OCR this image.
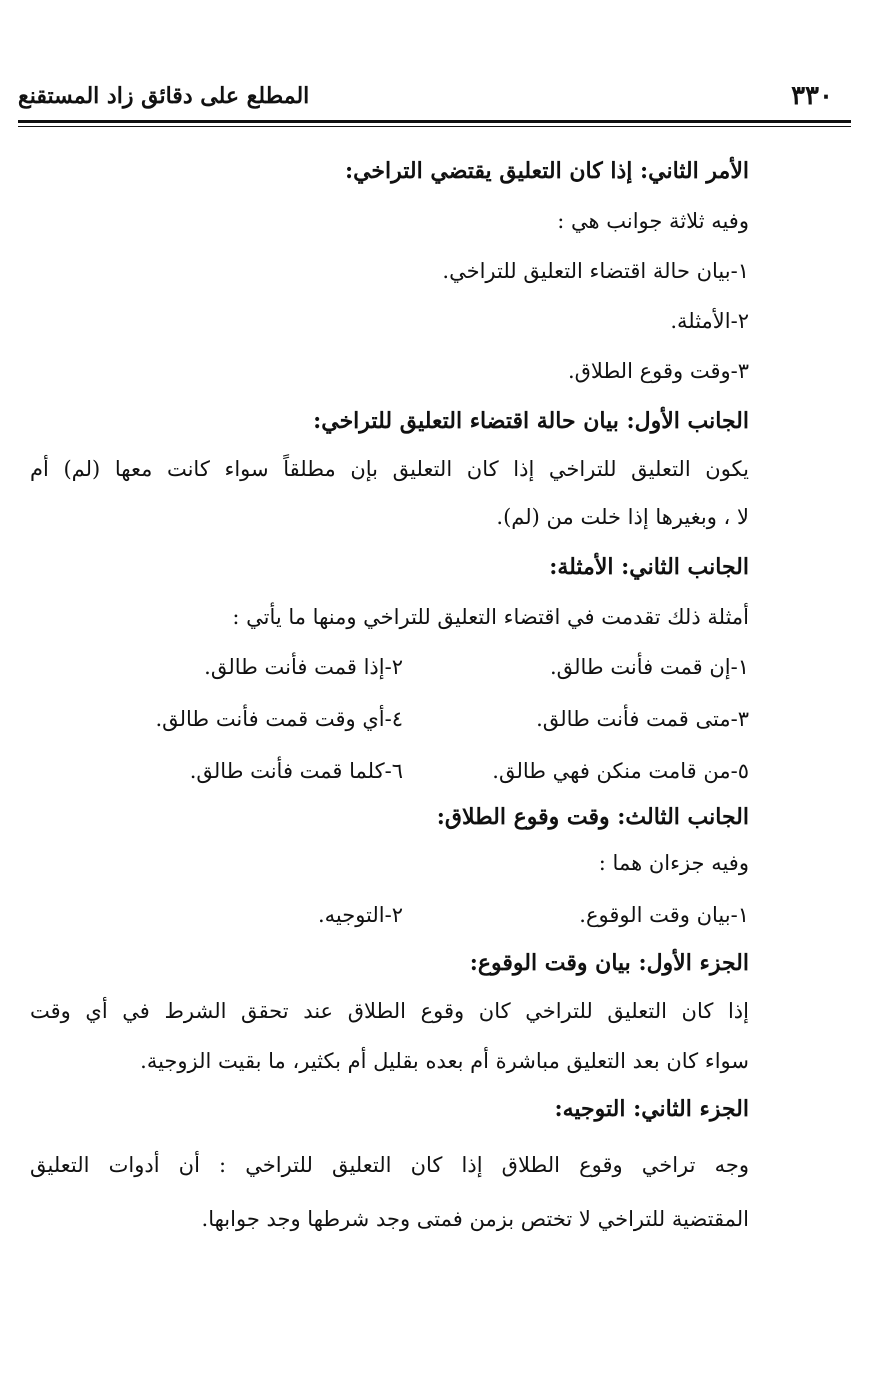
٣٣٠
المطلع على دقائق زاد المستقنع
الأمر الثاني: إذا كان التعليق يقتضي التراخي:
وفيه ثلاثة جوانب هي :
١-بيان حالة اقتضاء التعليق للتراخي.
٢-الأمثلة.
٣-وقت وقوع الطلاق.
الجانب الأول: بيان حالة اقتضاء التعليق للتراخي:
يكون التعليق للتراخي إذا كان التعليق بإن مطلقاً سواء كانت معها (لم) أم
لا ، وبغيرها إذا خلت من (لم).
الجانب الثاني: الأمثلة:
أمثلة ذلك تقدمت في اقتضاء التعليق للتراخي ومنها ما يأتي :
١-إن قمت فأنت طالق.
٢-إذا قمت فأنت طالق.
٣-متى قمت فأنت طالق.
٤-أي وقت قمت فأنت طالق.
٥-من قامت منكن فهي طالق.
٦-كلما قمت فأنت طالق.
الجانب الثالث: وقت وقوع الطلاق:
وفيه جزءان هما :
١-بيان وقت الوقوع.
٢-التوجيه.
الجزء الأول: بيان وقت الوقوع:
إذا كان التعليق للتراخي كان وقوع الطلاق عند تحقق الشرط في أي وقت
سواء كان بعد التعليق مباشرة أم بعده بقليل أم بكثير، ما بقيت الزوجية.
الجزء الثاني: التوجيه:
وجه تراخي وقوع الطلاق إذا كان التعليق للتراخي : أن أدوات التعليق
المقتضية للتراخي لا تختص بزمن فمتى وجد شرطها وجد جوابها.
